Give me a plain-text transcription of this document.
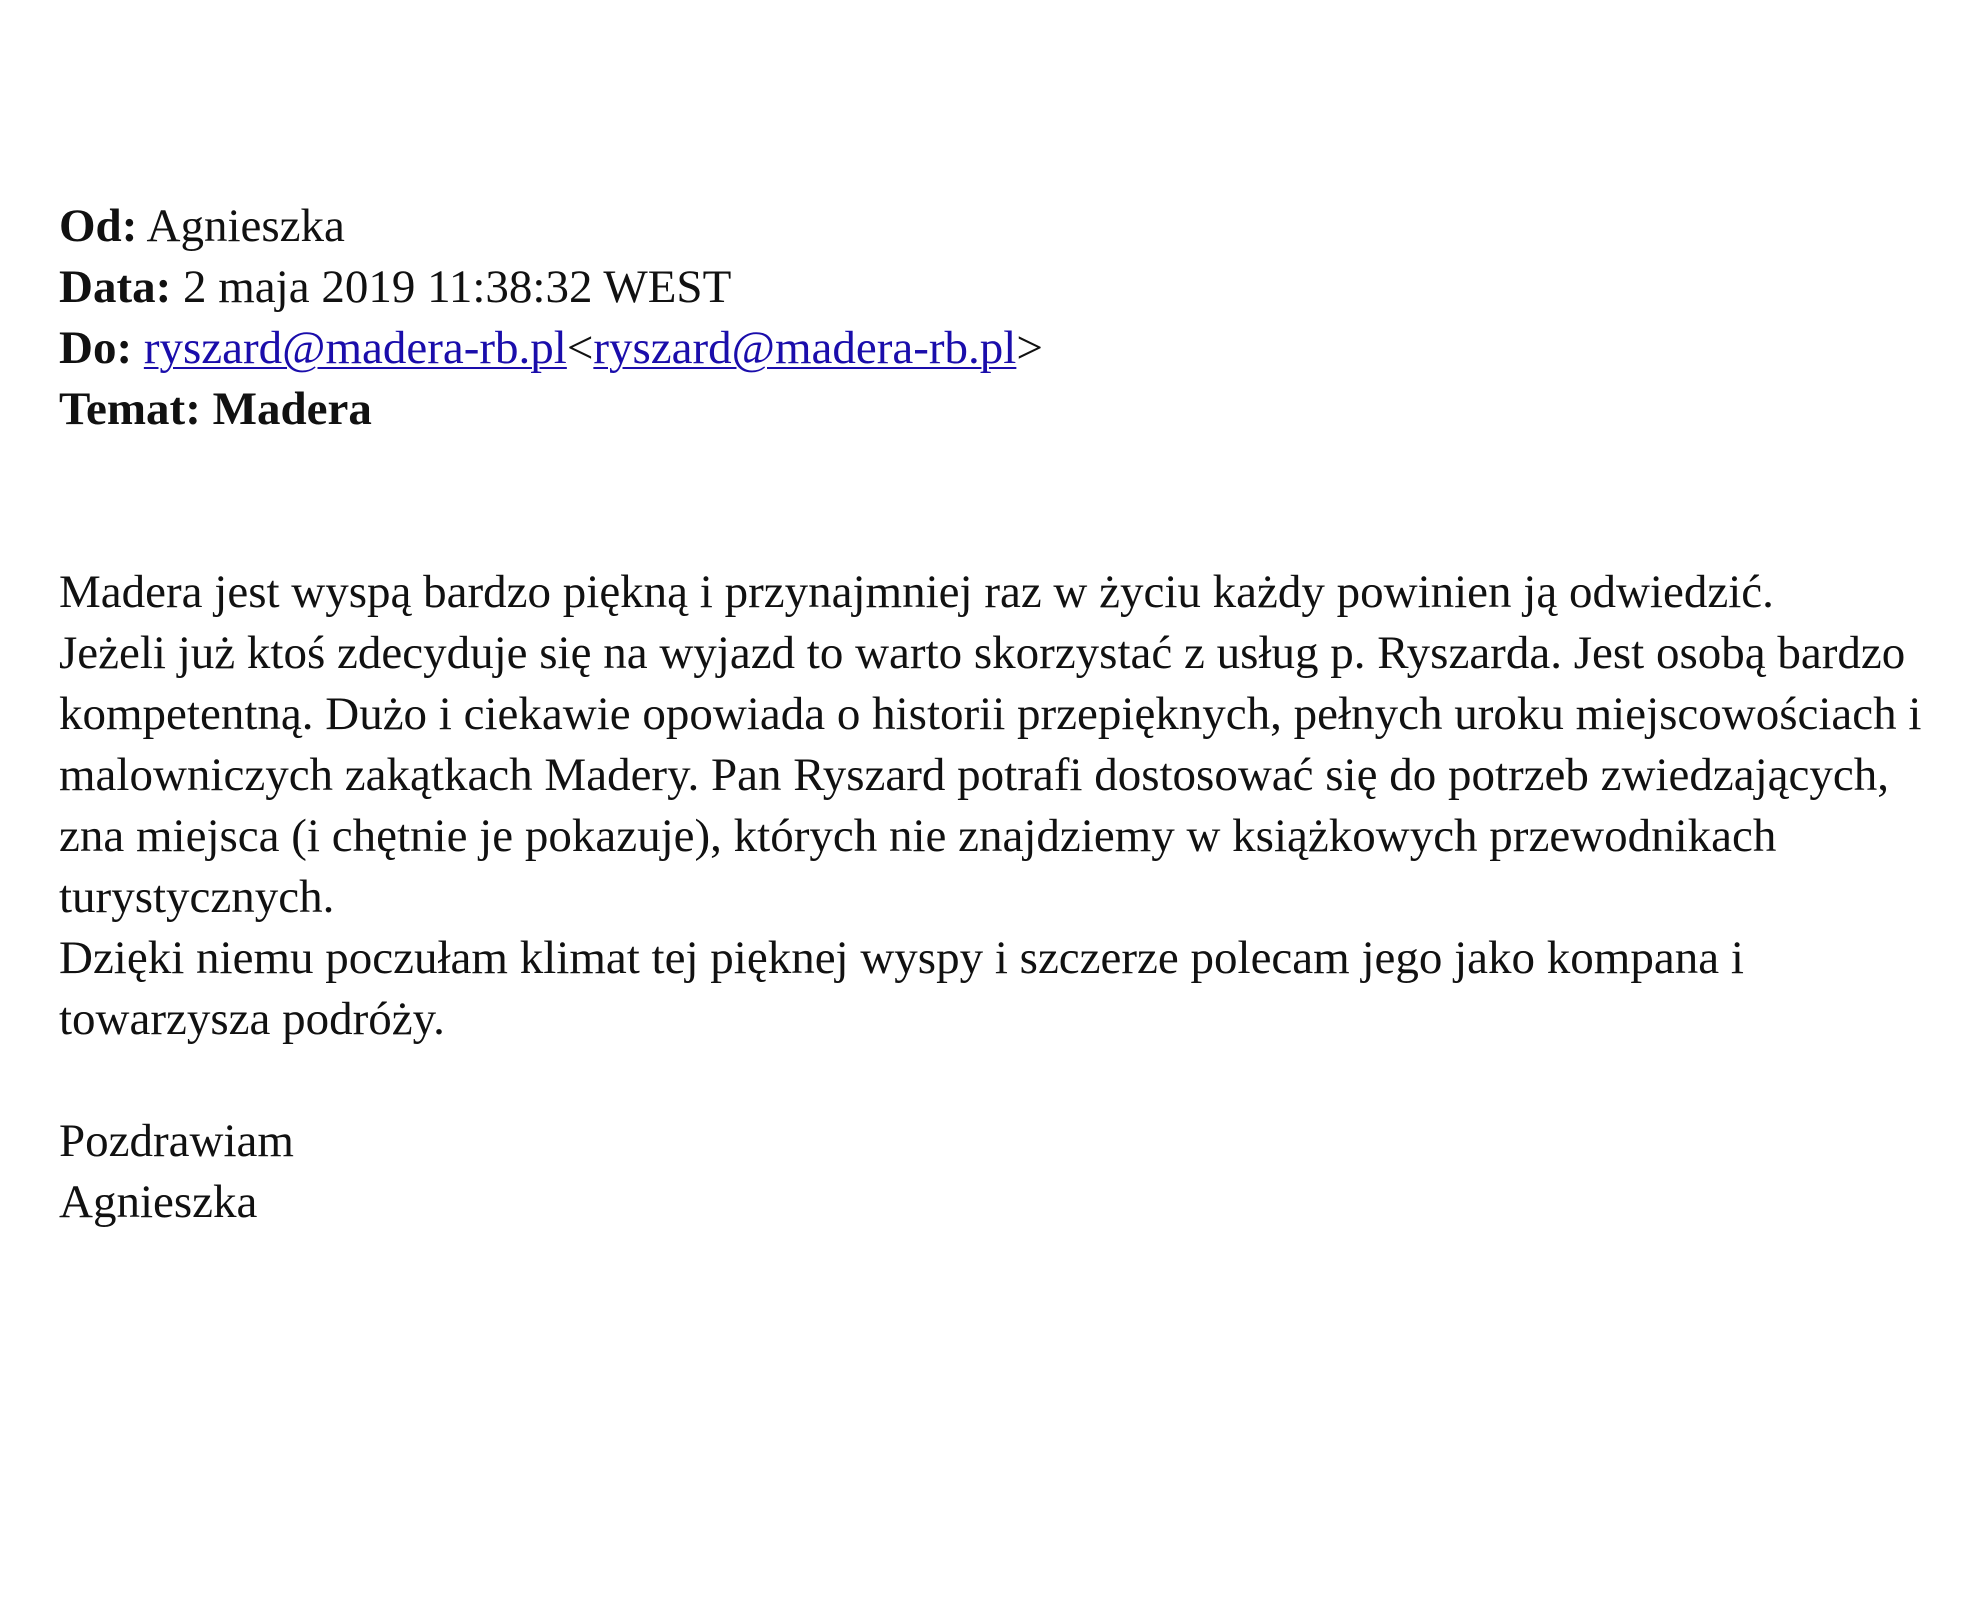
Od: Agnieszka
Data: 2 maja 2019 11:38:32 WEST
Do: ryszard@madera-rb.pl<ryszard@madera-rb.pl>
Temat: Madera

Madera jest wyspą bardzo piękną i przynajmniej raz w życiu każdy powinien ją odwiedzić.

Jeżeli już ktoś zdecyduje się na wyjazd to warto skorzystać z usług p. Ryszarda. Jest osobą bardzo kompetentną. Dużo i ciekawie opowiada o historii przepięknych, pełnych uroku miejscowościach i malowniczych zakątkach Madery. Pan Ryszard potrafi dostosować się do potrzeb zwiedzających, zna miejsca (i chętnie je pokazuje), których nie znajdziemy w książkowych przewodnikach turystycznych.

Dzięki niemu poczułam klimat tej pięknej wyspy i szczerze polecam jego jako kompana i towarzysza podróży.

Pozdrawiam
Agnieszka
